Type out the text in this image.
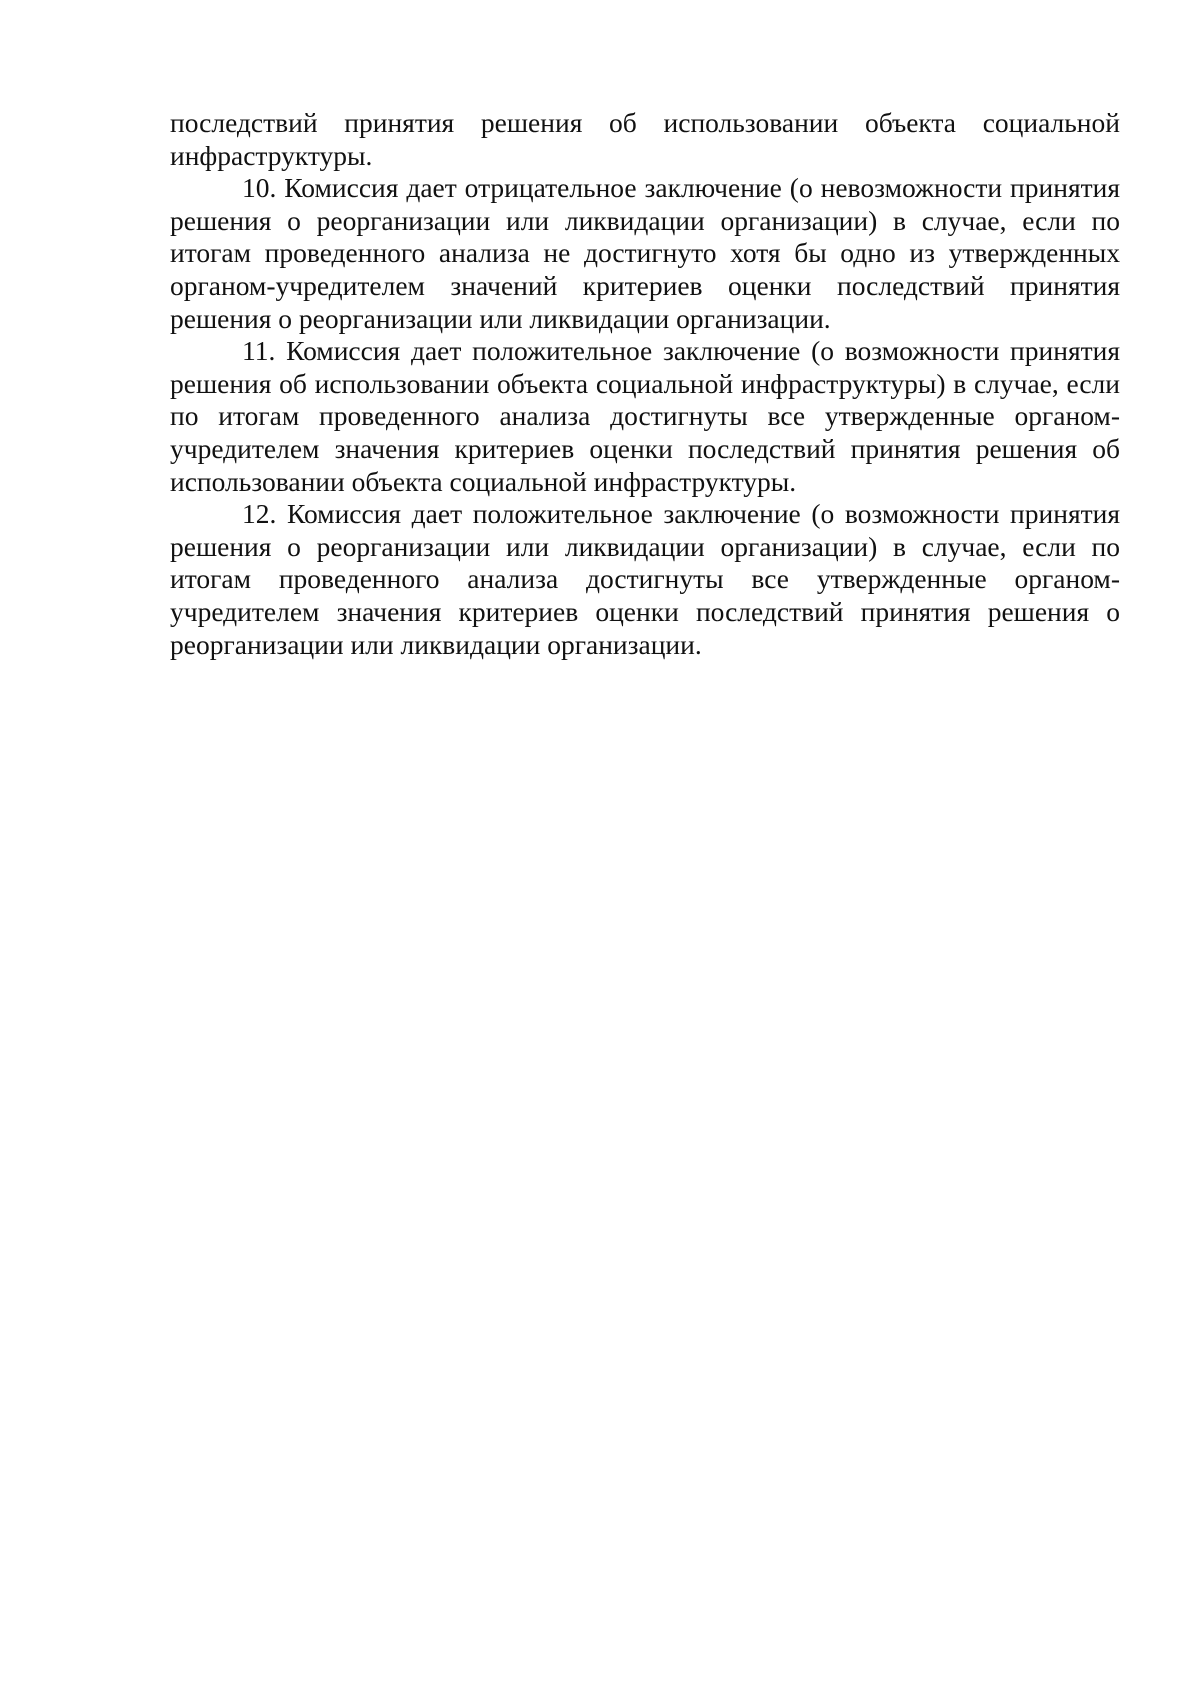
последствий принятия решения об использовании объекта социальной инфраструктуры.

10. Комиссия дает отрицательное заключение (о невозможности принятия решения о реорганизации или ликвидации организации) в случае, если по итогам проведенного анализа не достигнуто хотя бы одно из утвержденных органом-учредителем значений критериев оценки последствий принятия решения о реорганизации или ликвидации организации.

11. Комиссия дает положительное заключение (о возможности принятия решения об использовании объекта социальной инфраструктуры) в случае, если по итогам проведенного анализа достигнуты все утвержденные органом-учредителем значения критериев оценки последствий принятия решения об использовании объекта социальной инфраструктуры.

12. Комиссия дает положительное заключение (о возможности принятия решения о реорганизации или ликвидации организации) в случае, если по итогам проведенного анализа достигнуты все утвержденные органом-учредителем значения критериев оценки последствий принятия решения о реорганизации или ликвидации организации.
